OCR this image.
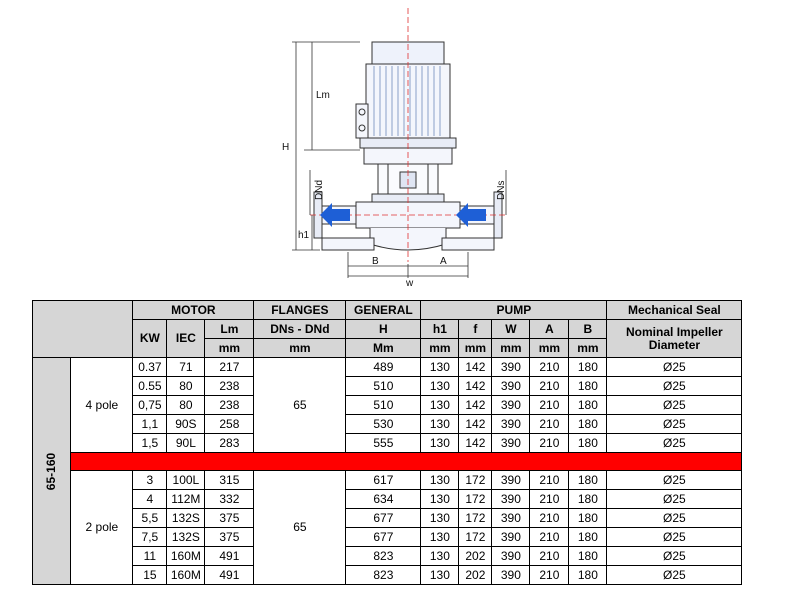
Lm
H
h1
B	A
w
DNd	DNs
		MOTOR			FLANGES	GENERAL	PUMP					Mechanical Seal
		KW	IEC	Lm	DNs - DNd	H	h1	f	W	A	B	Nominal Impeller Diameter
				mm	mm	Mm	mm	mm	mm	mm	mm	
65-160	4 pole	0.37	71	217	65	489	130	142	390	210	180	Ø25
		0.55	80	238		510	130	142	390	210	180	Ø25
		0,75	80	238		510	130	142	390	210	180	Ø25
		1,1	90S	258		530	130	142	390	210	180	Ø25
		1,5	90L	283		555	130	142	390	210	180	Ø25

	2 pole	3	100L	315	65	617	130	172	390	210	180	Ø25
		4	112M	332		634	130	172	390	210	180	Ø25
		5,5	132S	375		677	130	172	390	210	180	Ø25
		7,5	132S	375		677	130	172	390	210	180	Ø25
		11	160M	491		823	130	202	390	210	180	Ø25
		15	160M	491		823	130	202	390	210	180	Ø25
